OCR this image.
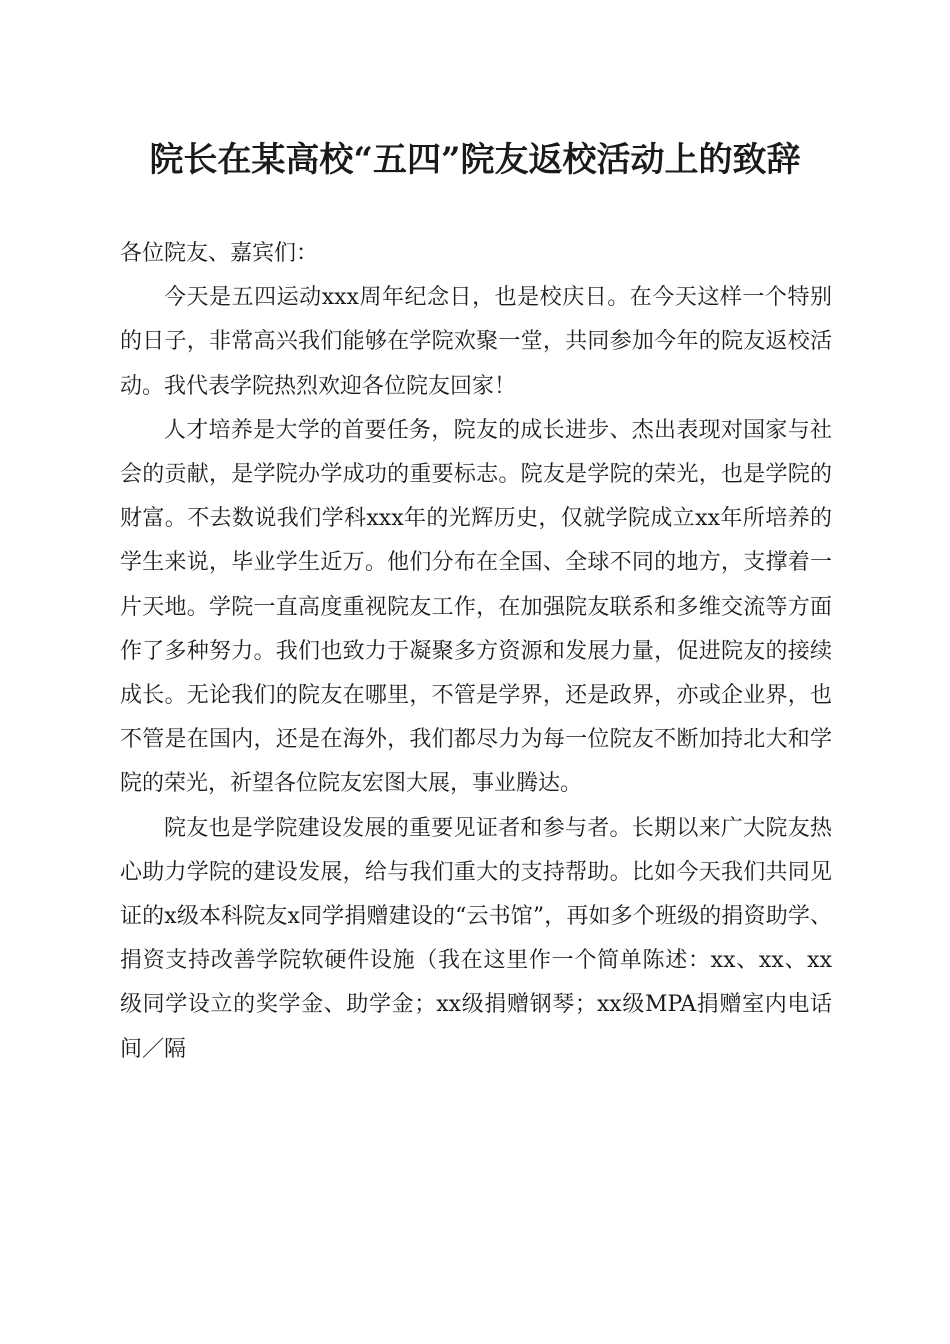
院长在某高校“五四”院友返校活动上的致辞

各位院友、嘉宾们：

今天是五四运动xxx周年纪念日，也是校庆日。在今天这样一个特别的日子，非常高兴我们能够在学院欢聚一堂，共同参加今年的院友返校活动。我代表学院热烈欢迎各位院友回家！

人才培养是大学的首要任务，院友的成长进步、杰出表现对国家与社会的贡献，是学院办学成功的重要标志。院友是学院的荣光，也是学院的财富。不去数说我们学科xxx年的光辉历史，仅就学院成立xx年所培养的学生来说，毕业学生近万。他们分布在全国、全球不同的地方，支撑着一片天地。学院一直高度重视院友工作，在加强院友联系和多维交流等方面作了多种努力。我们也致力于凝聚多方资源和发展力量，促进院友的接续成长。无论我们的院友在哪里，不管是学界，还是政界，亦或企业界，也不管是在国内，还是在海外，我们都尽力为每一位院友不断加持北大和学院的荣光，祈望各位院友宏图大展，事业腾达。

院友也是学院建设发展的重要见证者和参与者。长期以来广大院友热心助力学院的建设发展，给与我们重大的支持帮助。比如今天我们共同见证的x级本科院友x同学捐赠建设的“云书馆”，再如多个班级的捐资助学、捐资支持改善学院软硬件设施（我在这里作一个简单陈述：xx、xx、xx级同学设立的奖学金、助学金；xx级捐赠钢琴；xx级MPA捐赠室内电话间／隔
